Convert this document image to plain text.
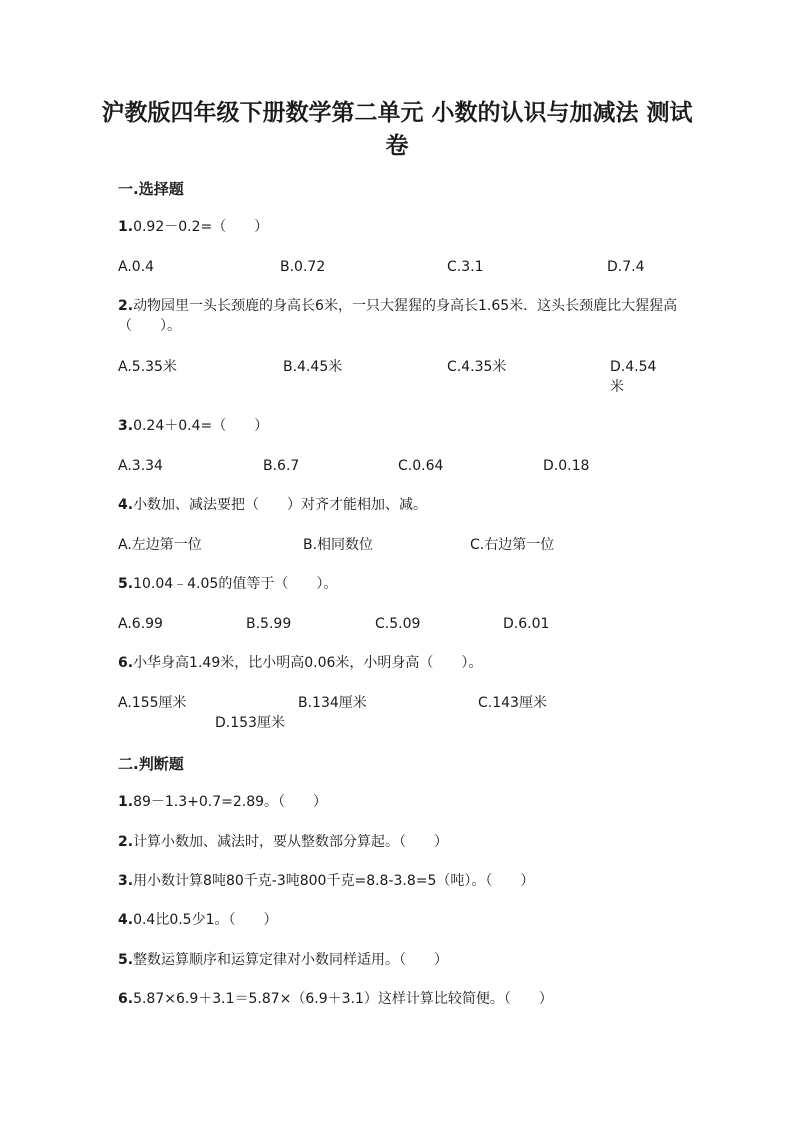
沪教版四年级下册数学第二单元 小数的认识与加减法 测试卷
一.选择题
1.0.92－0.2=（　　）
A.0.4	B.0.72	C.3.1	D.7.4
2.动物园里一头长颈鹿的身高长6米，一只大猩猩的身高长1.65米．这头长颈鹿比大猩猩高（　　）。
A.5.35米	B.4.45米	C.4.35米	D.4.54米
3.0.24＋0.4=（　　）
A.3.34	B.6.7	C.0.64	D.0.18
4.小数加、减法要把（　　）对齐才能相加、减。
A.左边第一位	B.相同数位	C.右边第一位
5.10.04﹣4.05的值等于（　　）。
A.6.99	B.5.99	C.5.09	D.6.01
6.小华身高1.49米，比小明高0.06米，小明身高（　　）。
A.155厘米	B.134厘米	C.143厘米
D.153厘米
二.判断题
1.89－1.3+0.7=2.89。（　　）
2.计算小数加、减法时，要从整数部分算起。（　　）
3.用小数计算8吨80千克-3吨800千克=8.8-3.8=5（吨）。（　　）
4.0.4比0.5少1。（　　）
5.整数运算顺序和运算定律对小数同样适用。（　　）
6.5.87×6.9＋3.1＝5.87×（6.9＋3.1）这样计算比较简便。（　　）
